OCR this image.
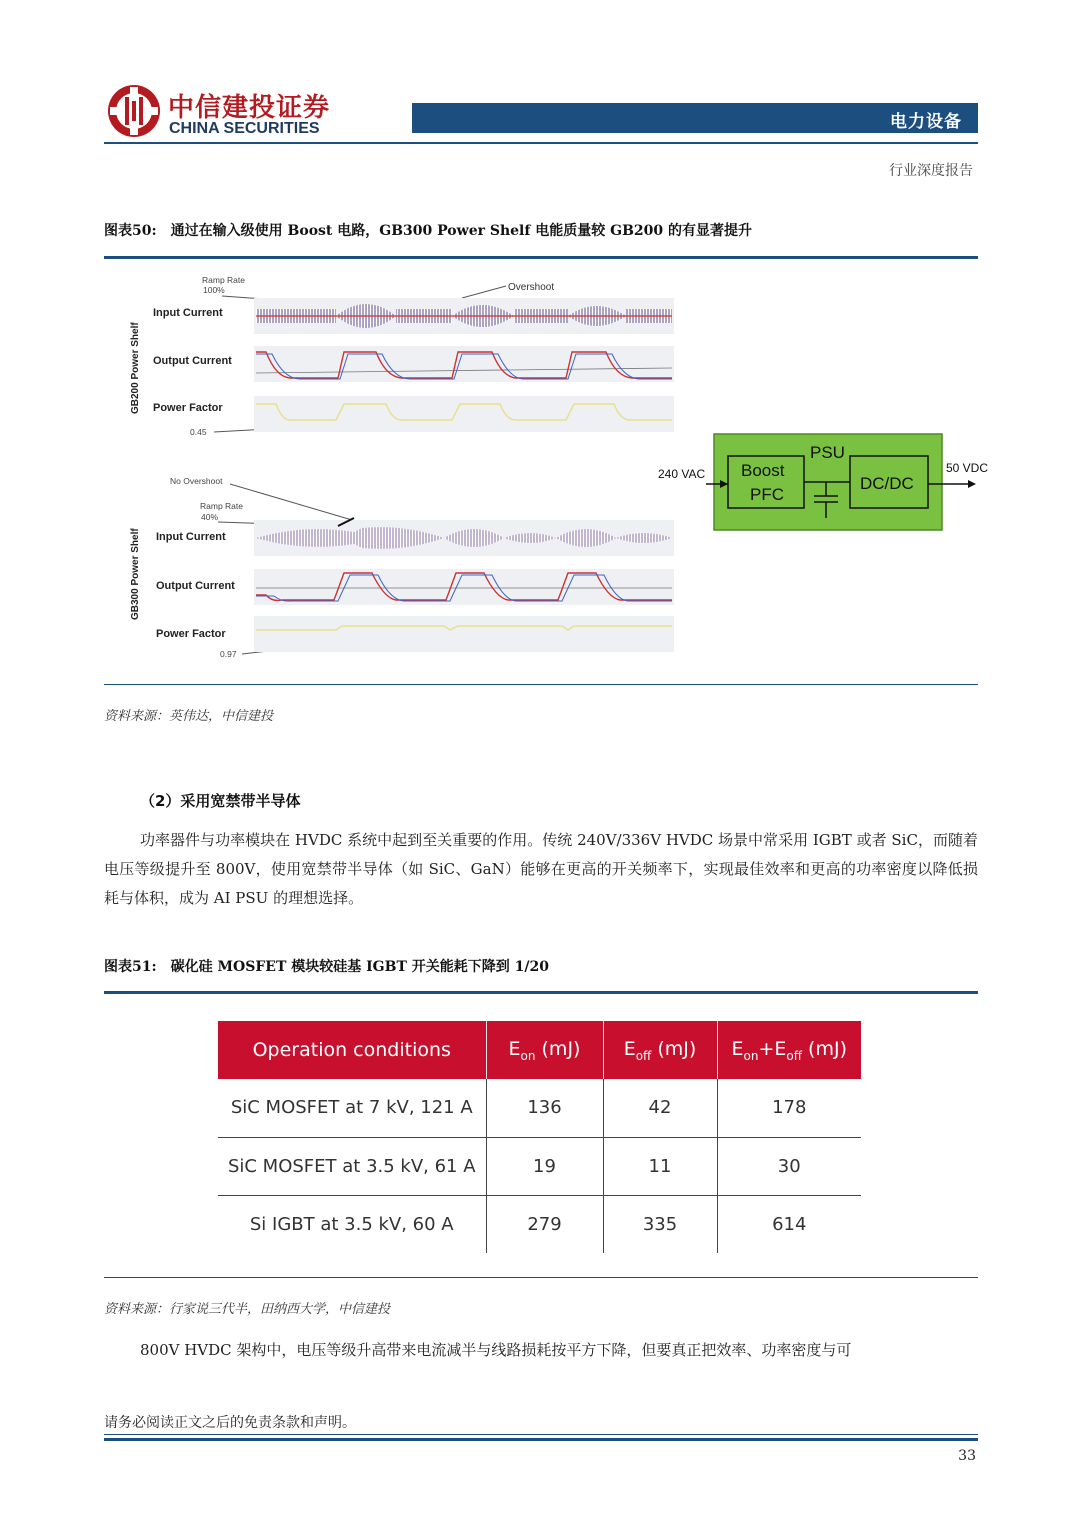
中信建投证券
CHINA SECURITIES	电力设备
行业深度报告
图表50: 通过在输入级使用 Boost 电路，GB300 Power Shelf 电能质量较 GB200 的有显著提升
GB200 Power Shelf
Ramp Rate
100%	Overshoot
Input Current
Output Current
Power Factor
0.45
GB300 Power Shelf
No Overshoot
Ramp Rate
40%
Input Current
Output Current
Power Factor
0.97
PSU
Boost
PFC
DC/DC
240 VAC	50 VDC
资料来源：英伟达，中信建投
（2）采用宽禁带半导体
功率器件与功率模块在 HVDC 系统中起到至关重要的作用。传统 240V/336V HVDC 场景中常采用 IGBT 或者 SiC，而随着电压等级提升至 800V，使用宽禁带半导体（如 SiC、GaN）能够在更高的开关频率下，实现最佳效率和更高的功率密度以降低损耗与体积，成为 AI PSU 的理想选择。
图表51: 碳化硅 MOSFET 模块较硅基 IGBT 开关能耗下降到 1/20
Operation conditions	$E_{on}$ (mJ)	$E_{off}$ (mJ)	$E_{on}+E_{off}$ (mJ)
SiC MOSFET at 7 kV, 121 A	136	42	178
SiC MOSFET at 3.5 kV, 61 A	19	11	30
Si IGBT at 3.5 kV, 60 A	279	335	614
资料来源：行家说三代半，田纳西大学，中信建投
800V HVDC 架构中，电压等级升高带来电流减半与线路损耗按平方下降，但要真正把效率、功率密度与可
请务必阅读正文之后的免责条款和声明。
33
